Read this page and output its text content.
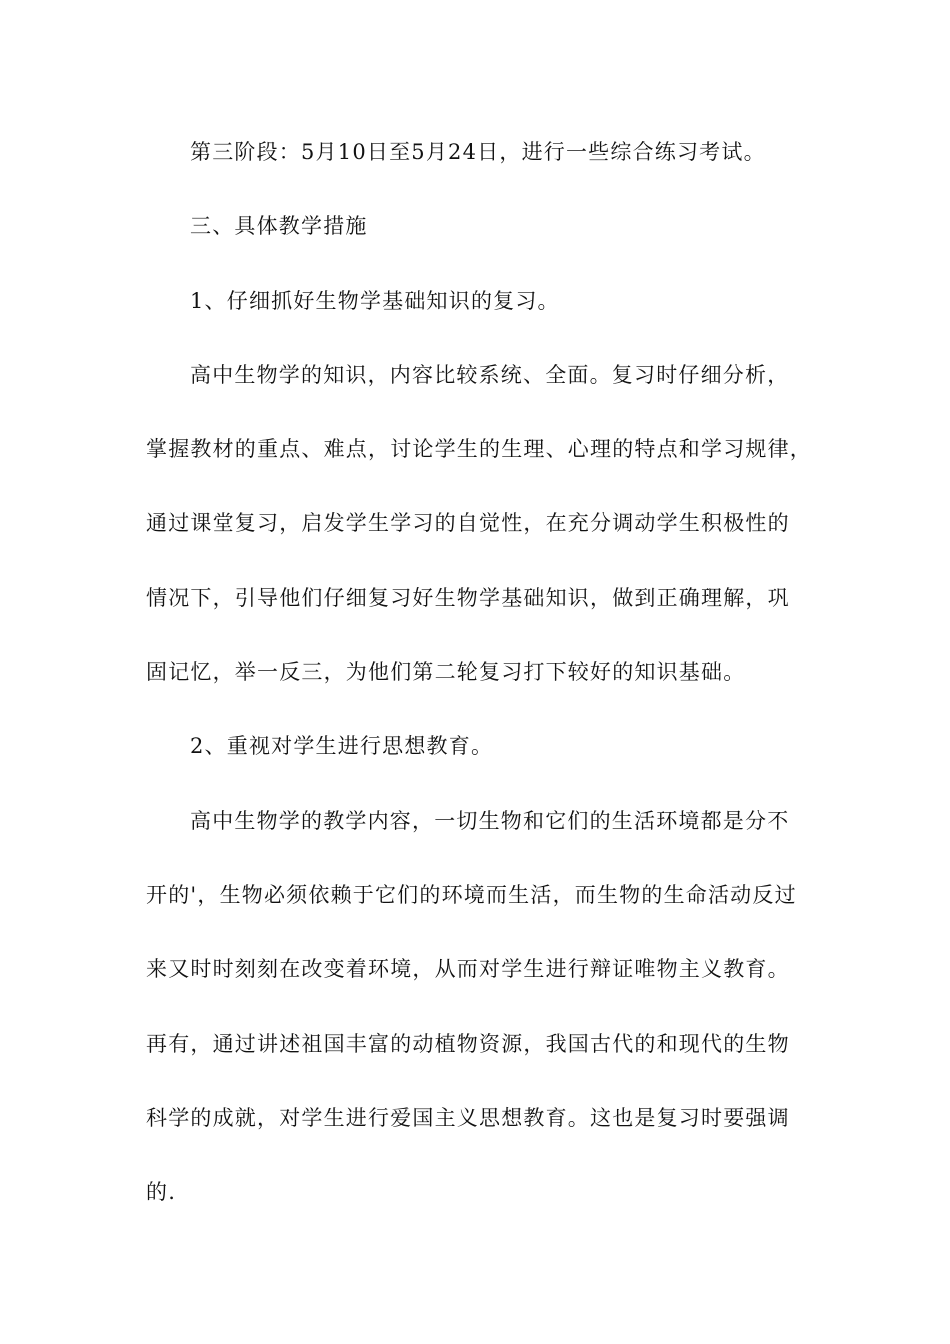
第三阶段：5月10日至5月24日，进行一些综合练习考试。
三、具体教学措施
1、仔细抓好生物学基础知识的复习。
高中生物学的知识，内容比较系统、全面。复习时仔细分析，
掌握教材的重点、难点，讨论学生的生理、心理的特点和学习规律，
通过课堂复习，启发学生学习的自觉性，在充分调动学生积极性的
情况下，引导他们仔细复习好生物学基础知识，做到正确理解，巩
固记忆，举一反三，为他们第二轮复习打下较好的知识基础。
2、重视对学生进行思想教育。
高中生物学的教学内容，一切生物和它们的生活环境都是分不
开的'，生物必须依赖于它们的环境而生活，而生物的生命活动反过
来又时时刻刻在改变着环境，从而对学生进行辩证唯物主义教育。
再有，通过讲述祖国丰富的动植物资源，我国古代的和现代的生物
科学的成就，对学生进行爱国主义思想教育。这也是复习时要强调
的.
